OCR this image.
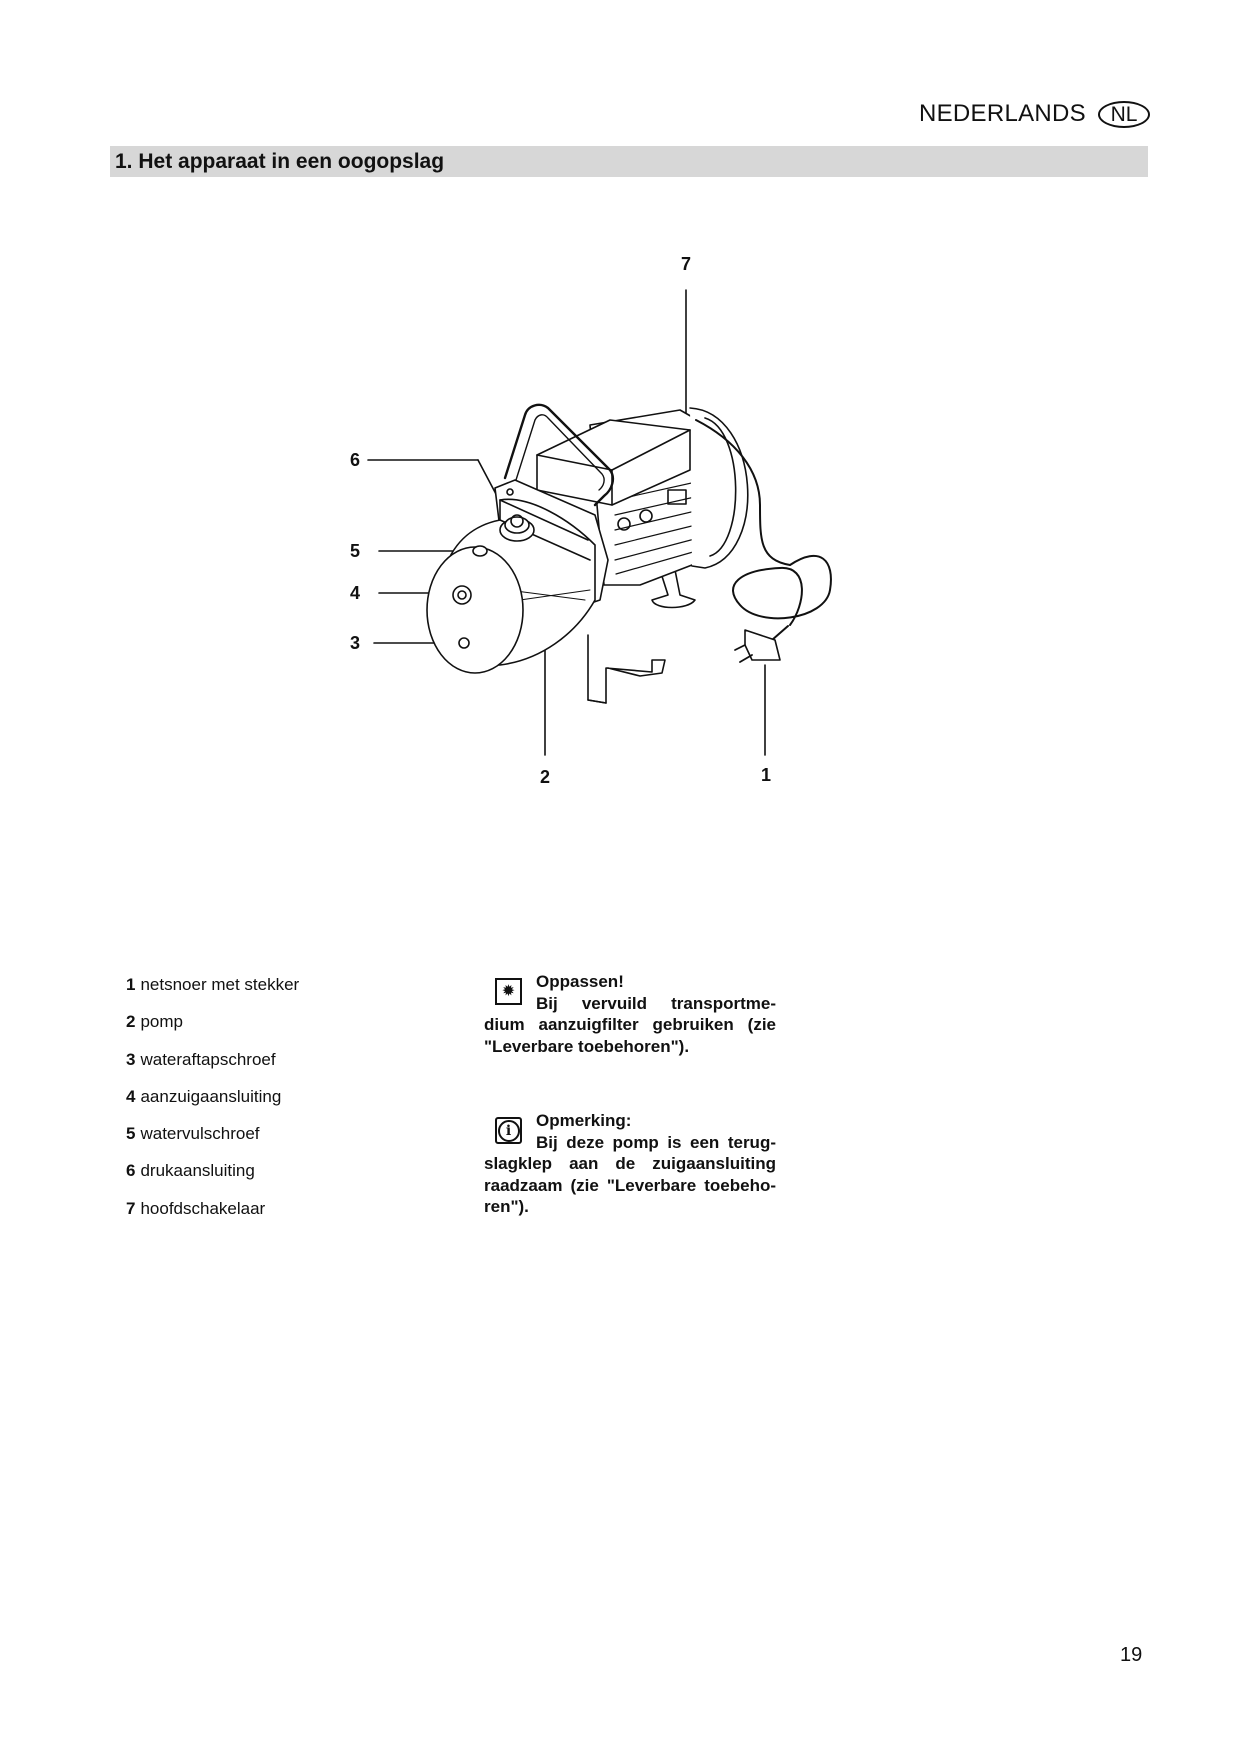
NEDERLANDS	NL
1. Het apparaat in een oogopslag
7
6
5
4
3
2	1
1 netsnoer met stekker
2 pomp
3 wateraftapschroef
4 aanzuigaansluiting
5 watervulschroef
6 drukaansluiting
7 hoofdschakelaar
✹
Oppassen!
Bij vervuild transportme-
dium aanzuigfilter gebruiken (zie "Leverbare toebehoren").
i
Opmerking:
Bij deze pomp is een terug-
slagklep aan de zuigaansluiting raadzaam (zie "Leverbare toebeho-ren").
19
